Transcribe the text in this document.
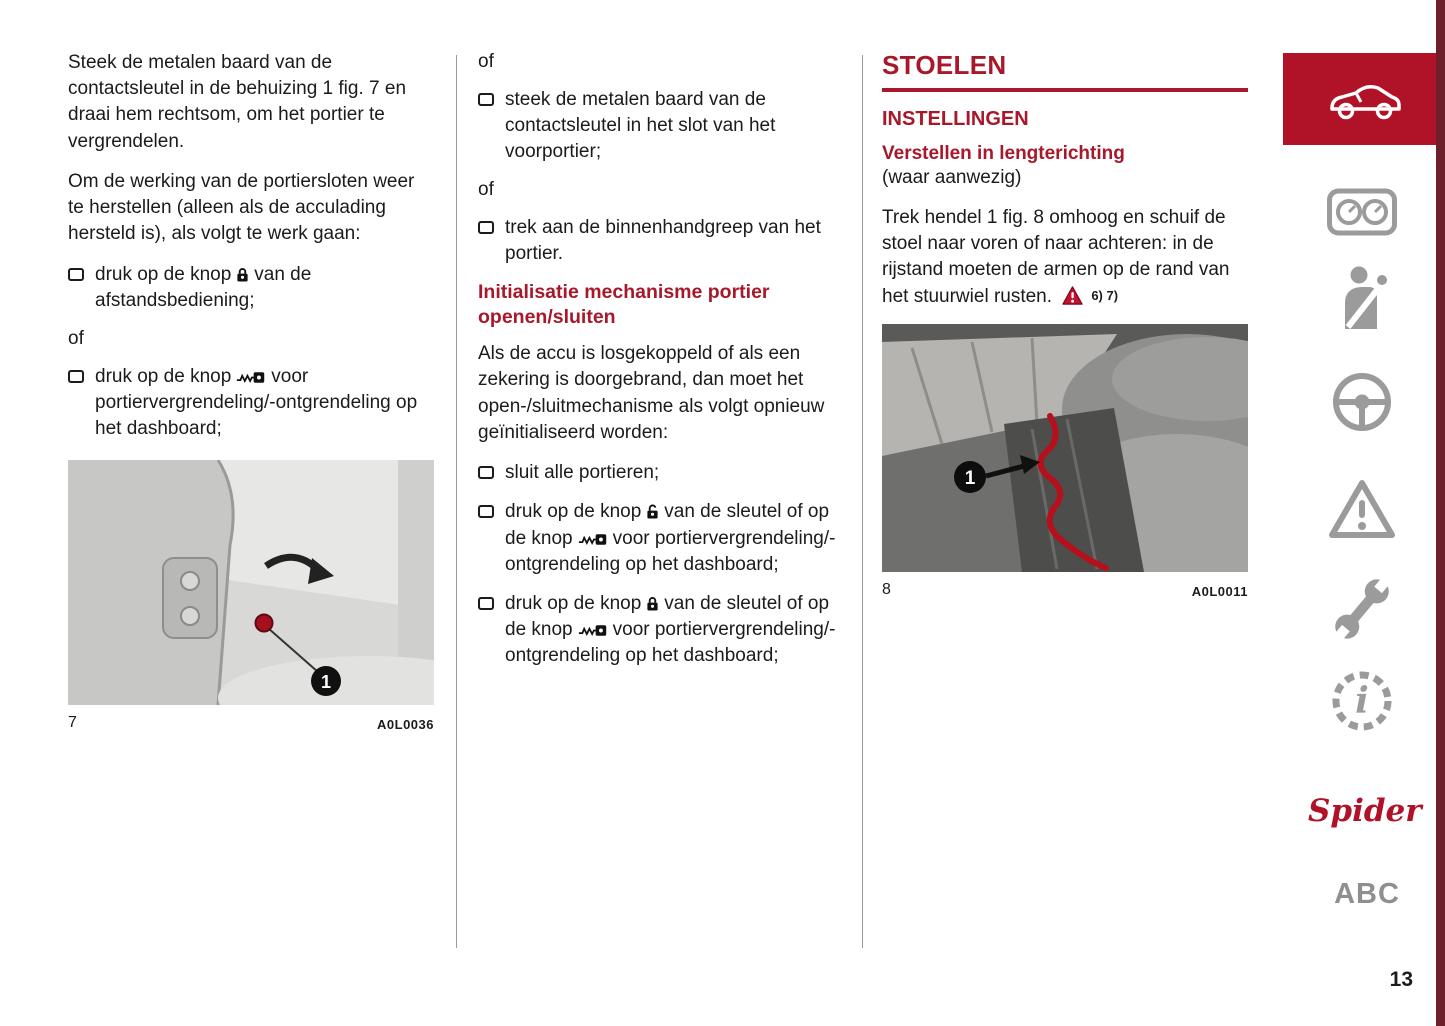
Steek de metalen baard van de contactsleutel in de behuizing 1 fig. 7 en draai hem rechtsom, om het portier te vergrendelen.

Om de werking van de portiersloten weer te herstellen (alleen als de acculading hersteld is), als volgt te werk gaan:

druk op de knop van de afstandsbediening;

of

druk op de knop voor portiervergrendeling/-ontgrendeling op het dashboard;
1
7	A0L0036

of

steek de metalen baard van de contactsleutel in het slot van het voorportier;

of

trek aan de binnenhandgreep van het portier.
Initialisatie mechanisme portier openen/sluiten

Als de accu is losgekoppeld of als een zekering is doorgebrand, dan moet het open-/sluitmechanisme als volgt opnieuw geïnitialiseerd worden:

sluit alle portieren;
druk op de knop van de sleutel of op de knop voor portiervergrendeling/-ontgrendeling op het dashboard;
druk op de knop van de sleutel of op de knop voor portiervergrendeling/-ontgrendeling op het dashboard;
STOELEN
INSTELLINGEN
Verstellen in lengterichting

(waar aanwezig)

Trek hendel 1 fig. 8 omhoog en schuif de stoel naar voren of naar achteren: in de rijstand moeten de armen op de rand van het stuurwiel rusten.	6) 7)

1
8	A0L0011
i
Spider
ABC
13
